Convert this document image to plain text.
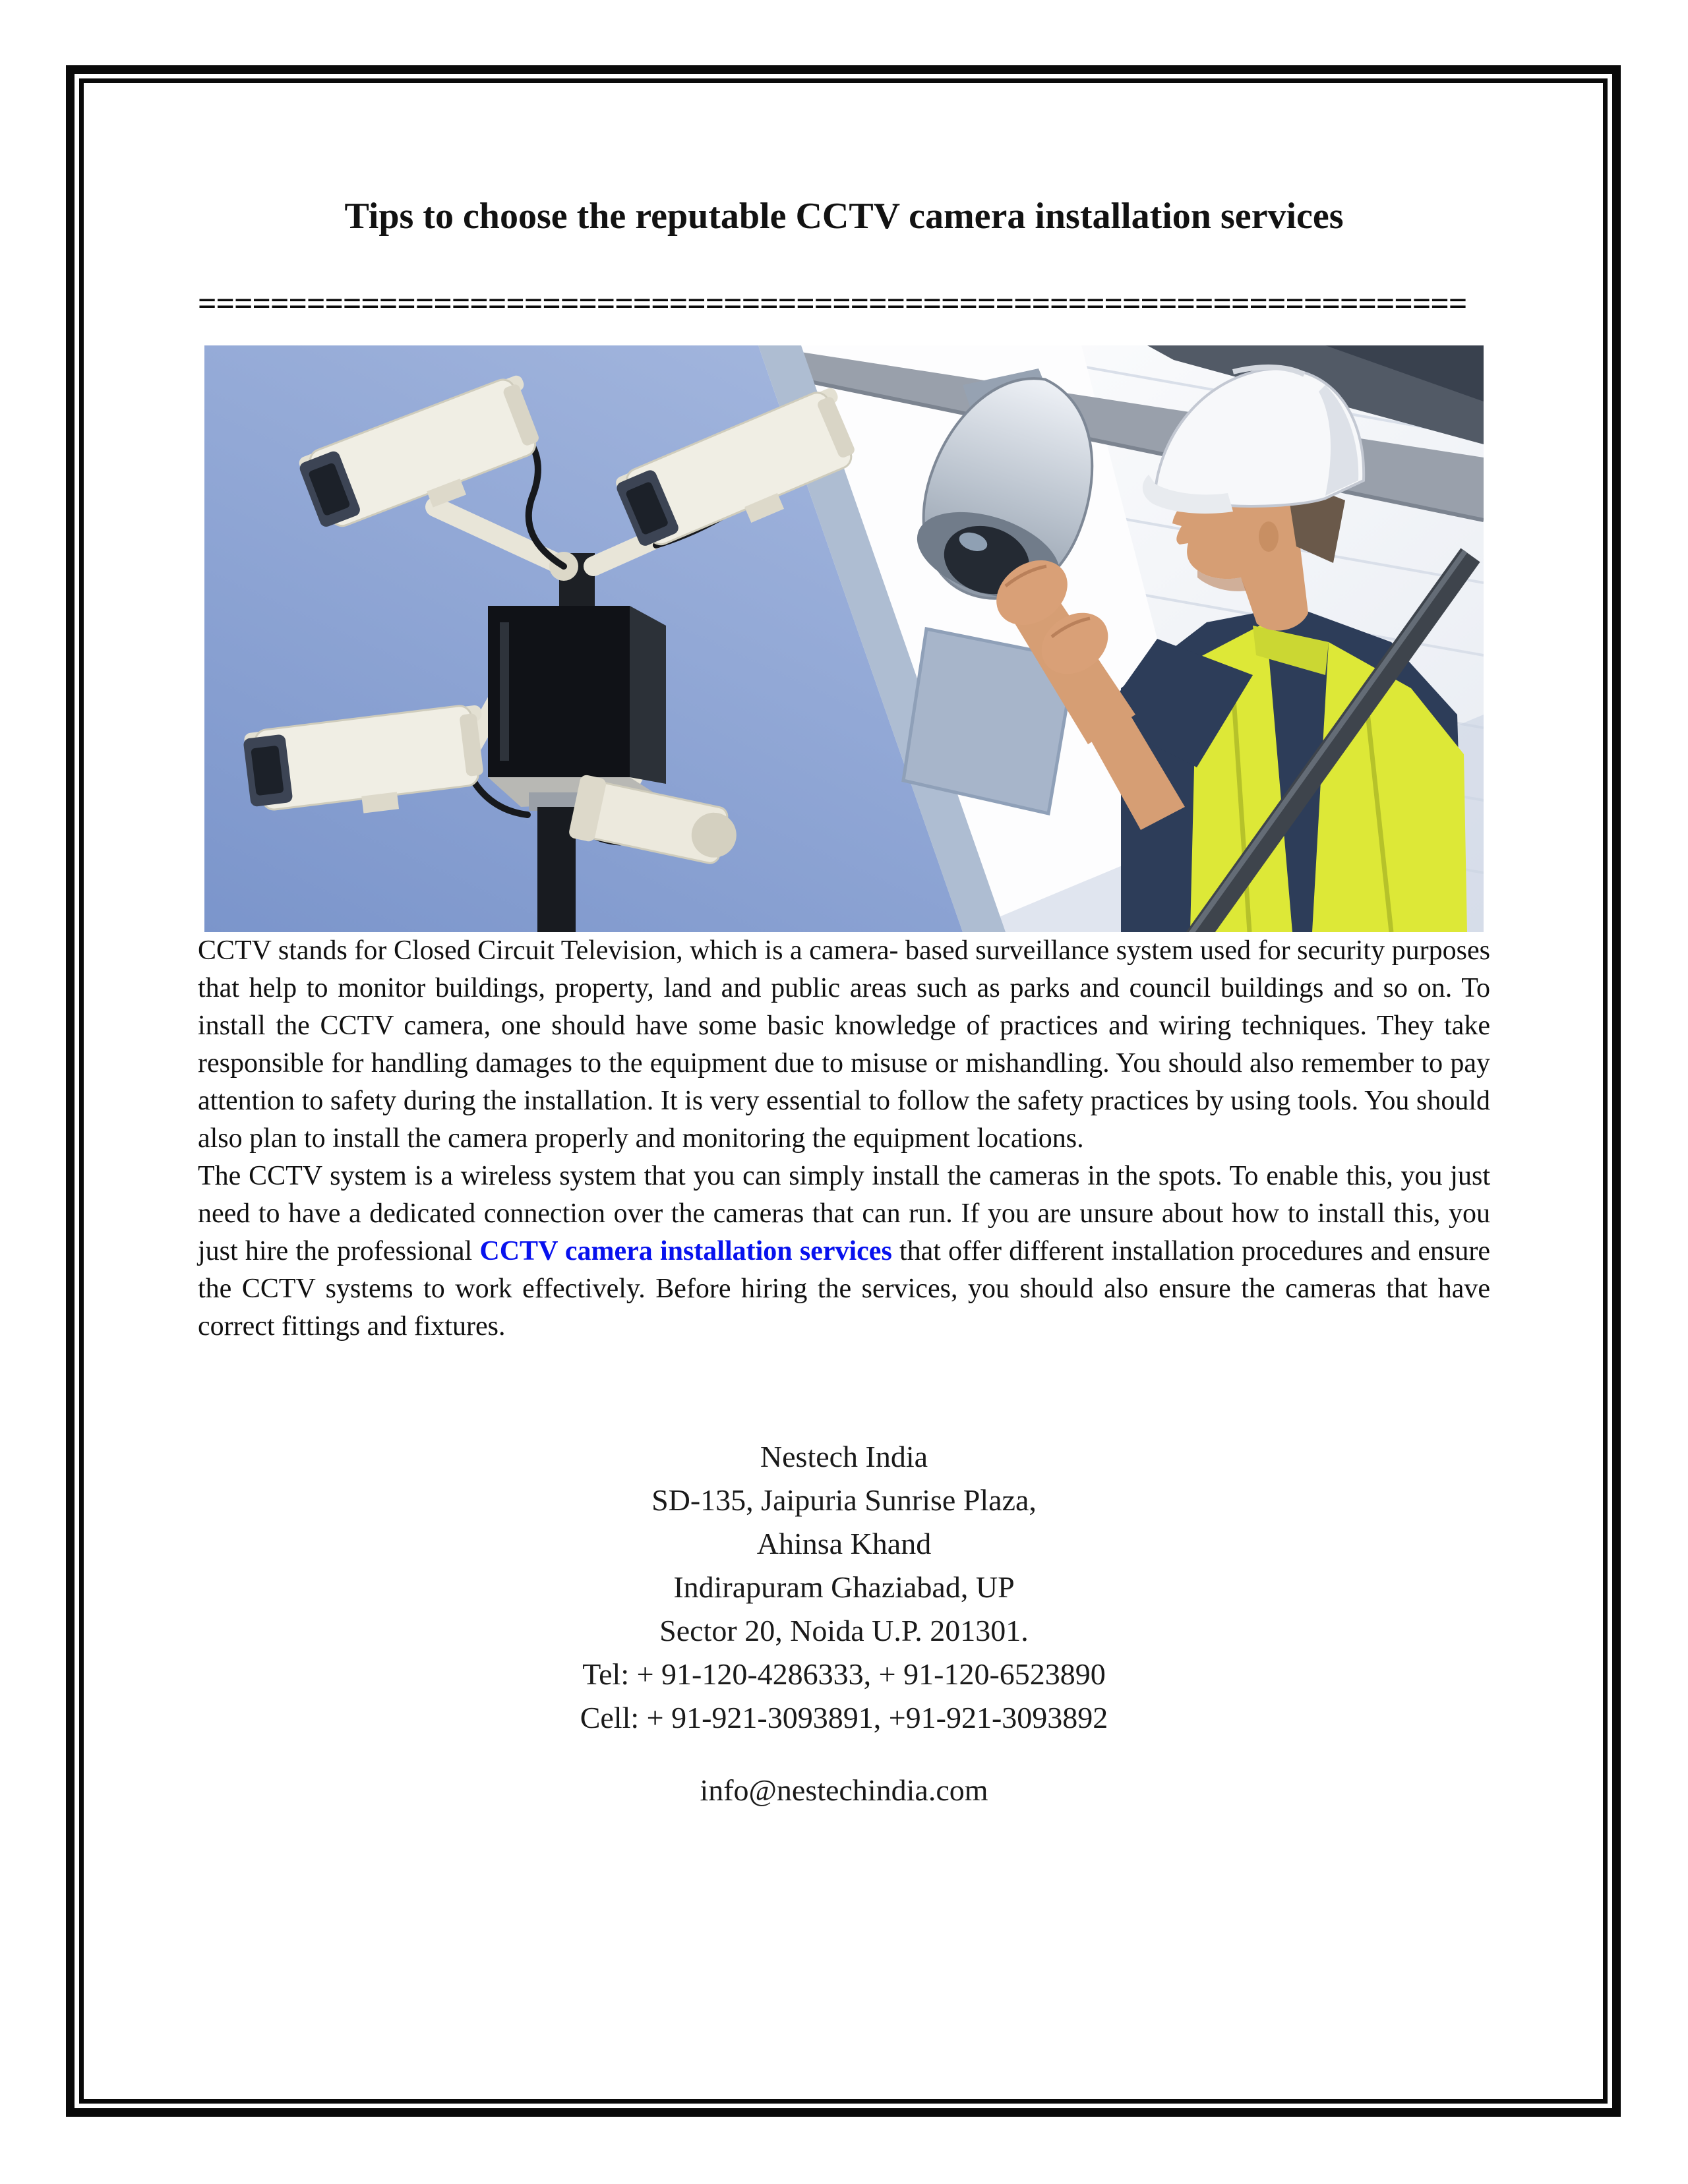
Tips to choose the reputable CCTV camera installation services
======================================================================

CCTV stands for Closed Circuit Television, which is a camera- based surveillance system used for security purposes that help to monitor buildings, property, land and public areas such as parks and council buildings and so on. To install the CCTV camera, one should have some basic knowledge of practices and wiring techniques. They take responsible for handling damages to the equipment due to misuse or mishandling. You should also remember to pay attention to safety during the installation. It is very essential to follow the safety practices by using tools. You should also plan to install the camera properly and monitoring the equipment locations.

The CCTV system is a wireless system that you can simply install the cameras in the spots. To enable this, you just need to have a dedicated connection over the cameras that can run. If you are unsure about how to install this, you just hire the professional CCTV camera installation services that offer different installation procedures and ensure the CCTV systems to work effectively. Before hiring the services, you should also ensure the cameras that have correct fittings and fixtures.

Nestech India
SD-135, Jaipuria Sunrise Plaza,
Ahinsa Khand
Indirapuram Ghaziabad, UP
Sector 20, Noida U.P. 201301.
Tel: + 91-120-4286333, + 91-120-6523890
Cell: + 91-921-3093891, +91-921-3093892
info@nestechindia.com
